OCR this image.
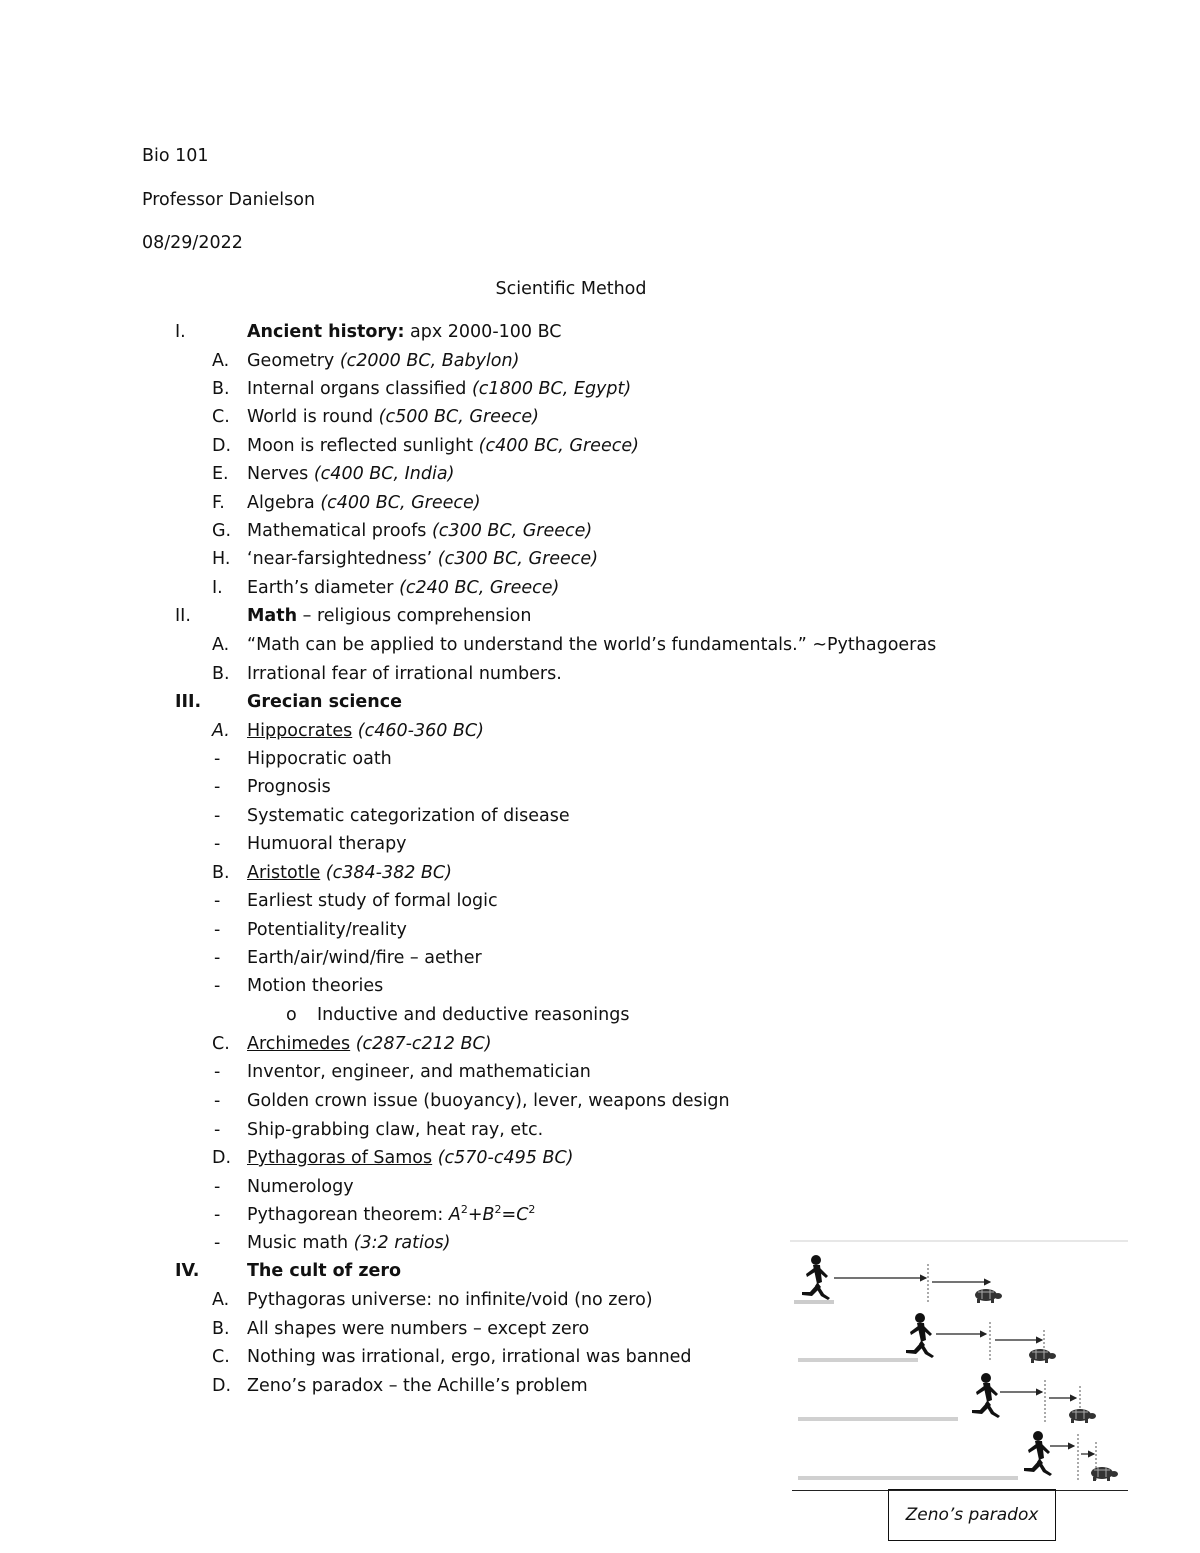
Bio 101
Professor Danielson
08/29/2022
Scientific Method
I.	Ancient history: apx 2000-100 BC
A. Geometry (c2000 BC, Babylon)
B. Internal organs classified (c1800 BC, Egypt)
C. World is round (c500 BC, Greece)
D. Moon is reflected sunlight (c400 BC, Greece)
E. Nerves (c400 BC, India)
F. Algebra (c400 BC, Greece)
G. Mathematical proofs (c300 BC, Greece)
H. ‘near-farsightedness’ (c300 BC, Greece)
I. Earth’s diameter (c240 BC, Greece)
II.	Math – religious comprehension
A. “Math can be applied to understand the world’s fundamentals.” ~Pythagoeras
B. Irrational fear of irrational numbers.
III.	Grecian science
A. Hippocrates (c460-360 BC)
- Hippocratic oath
- Prognosis
- Systematic categorization of disease
- Humuoral therapy
B. Aristotle (c384-382 BC)
- Earliest study of formal logic
- Potentiality/reality
- Earth/air/wind/fire – aether
- Motion theories
o Inductive and deductive reasonings
C. Archimedes (c287-c212 BC)
- Inventor, engineer, and mathematician
- Golden crown issue (buoyancy), lever, weapons design
- Ship-grabbing claw, heat ray, etc.
D. Pythagoras of Samos (c570-c495 BC)
- Numerology
- Pythagorean theorem: $A^2+B^2=C^2$
- Music math (3:2 ratios)
IV.	The cult of zero
A. Pythagoras universe: no infinite/void (no zero)
B. All shapes were numbers – except zero
C. Nothing was irrational, ergo, irrational was banned
D. Zeno’s paradox – the Achille’s problem
Zeno’s paradox
